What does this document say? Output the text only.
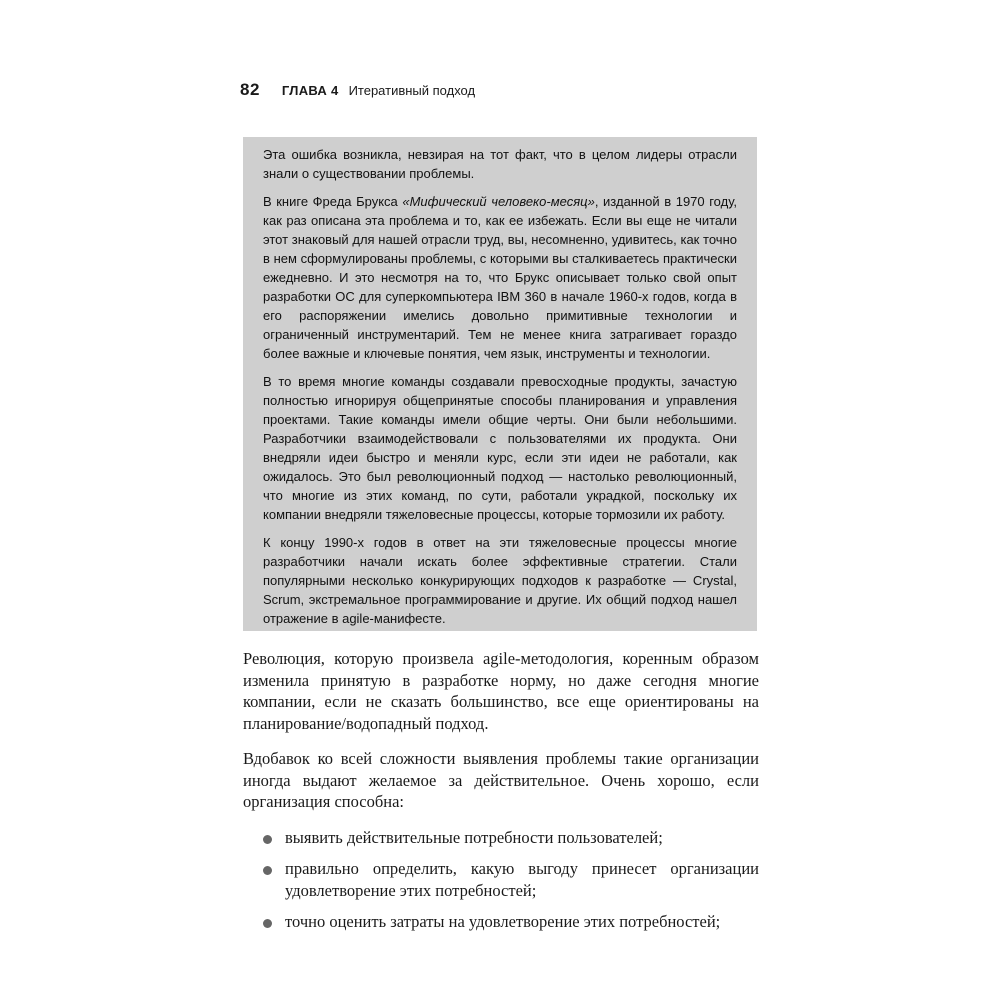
82 ГЛАВА 4 Итеративный подход

Эта ошибка возникла, невзирая на тот факт, что в целом лидеры отрасли знали о существовании проблемы.

В книге Фреда Брукса «Мифический человеко-месяц», изданной в 1970 году, как раз описана эта проблема и то, как ее избежать. Если вы еще не читали этот знаковый для нашей отрасли труд, вы, несомненно, удивитесь, как точно в нем сформулированы проблемы, с которыми вы сталкиваетесь практически ежедневно. И это несмотря на то, что Брукс описывает только свой опыт разработки ОС для суперкомпьютера IBM 360 в начале 1960-х годов, когда в его распоряжении имелись довольно примитивные технологии и ограниченный инструментарий. Тем не менее книга затрагивает гораздо более важные и ключевые понятия, чем язык, инструменты и технологии.

В то время многие команды создавали превосходные продукты, зачастую полностью игнорируя общепринятые способы планирования и управления проектами. Такие команды имели общие черты. Они были небольшими. Разработчики взаимодействовали с пользователями их продукта. Они внедряли идеи быстро и меняли курс, если эти идеи не работали, как ожидалось. Это был революционный подход — настолько революционный, что многие из этих команд, по сути, работали украдкой, поскольку их компании внедряли тяжеловесные процессы, которые тормозили их работу.

К концу 1990-х годов в ответ на эти тяжеловесные процессы многие разработчики начали искать более эффективные стратегии. Стали популярными несколько конкурирующих подходов к разработке — Crystal, Scrum, экстремальное программирование и другие. Их общий подход нашел отражение в agile-манифесте.

Революция, которую произвела agile-методология, коренным образом изменила принятую в разработке норму, но даже сегодня многие компании, если не сказать большинство, все еще ориентированы на планирование/водопадный подход.

Вдобавок ко всей сложности выявления проблемы такие организации иногда выдают желаемое за действительное. Очень хорошо, если организация способна:

выявить действительные потребности пользователей;
правильно определить, какую выгоду принесет организации удовлетворение этих потребностей;
точно оценить затраты на удовлетворение этих потребностей;
